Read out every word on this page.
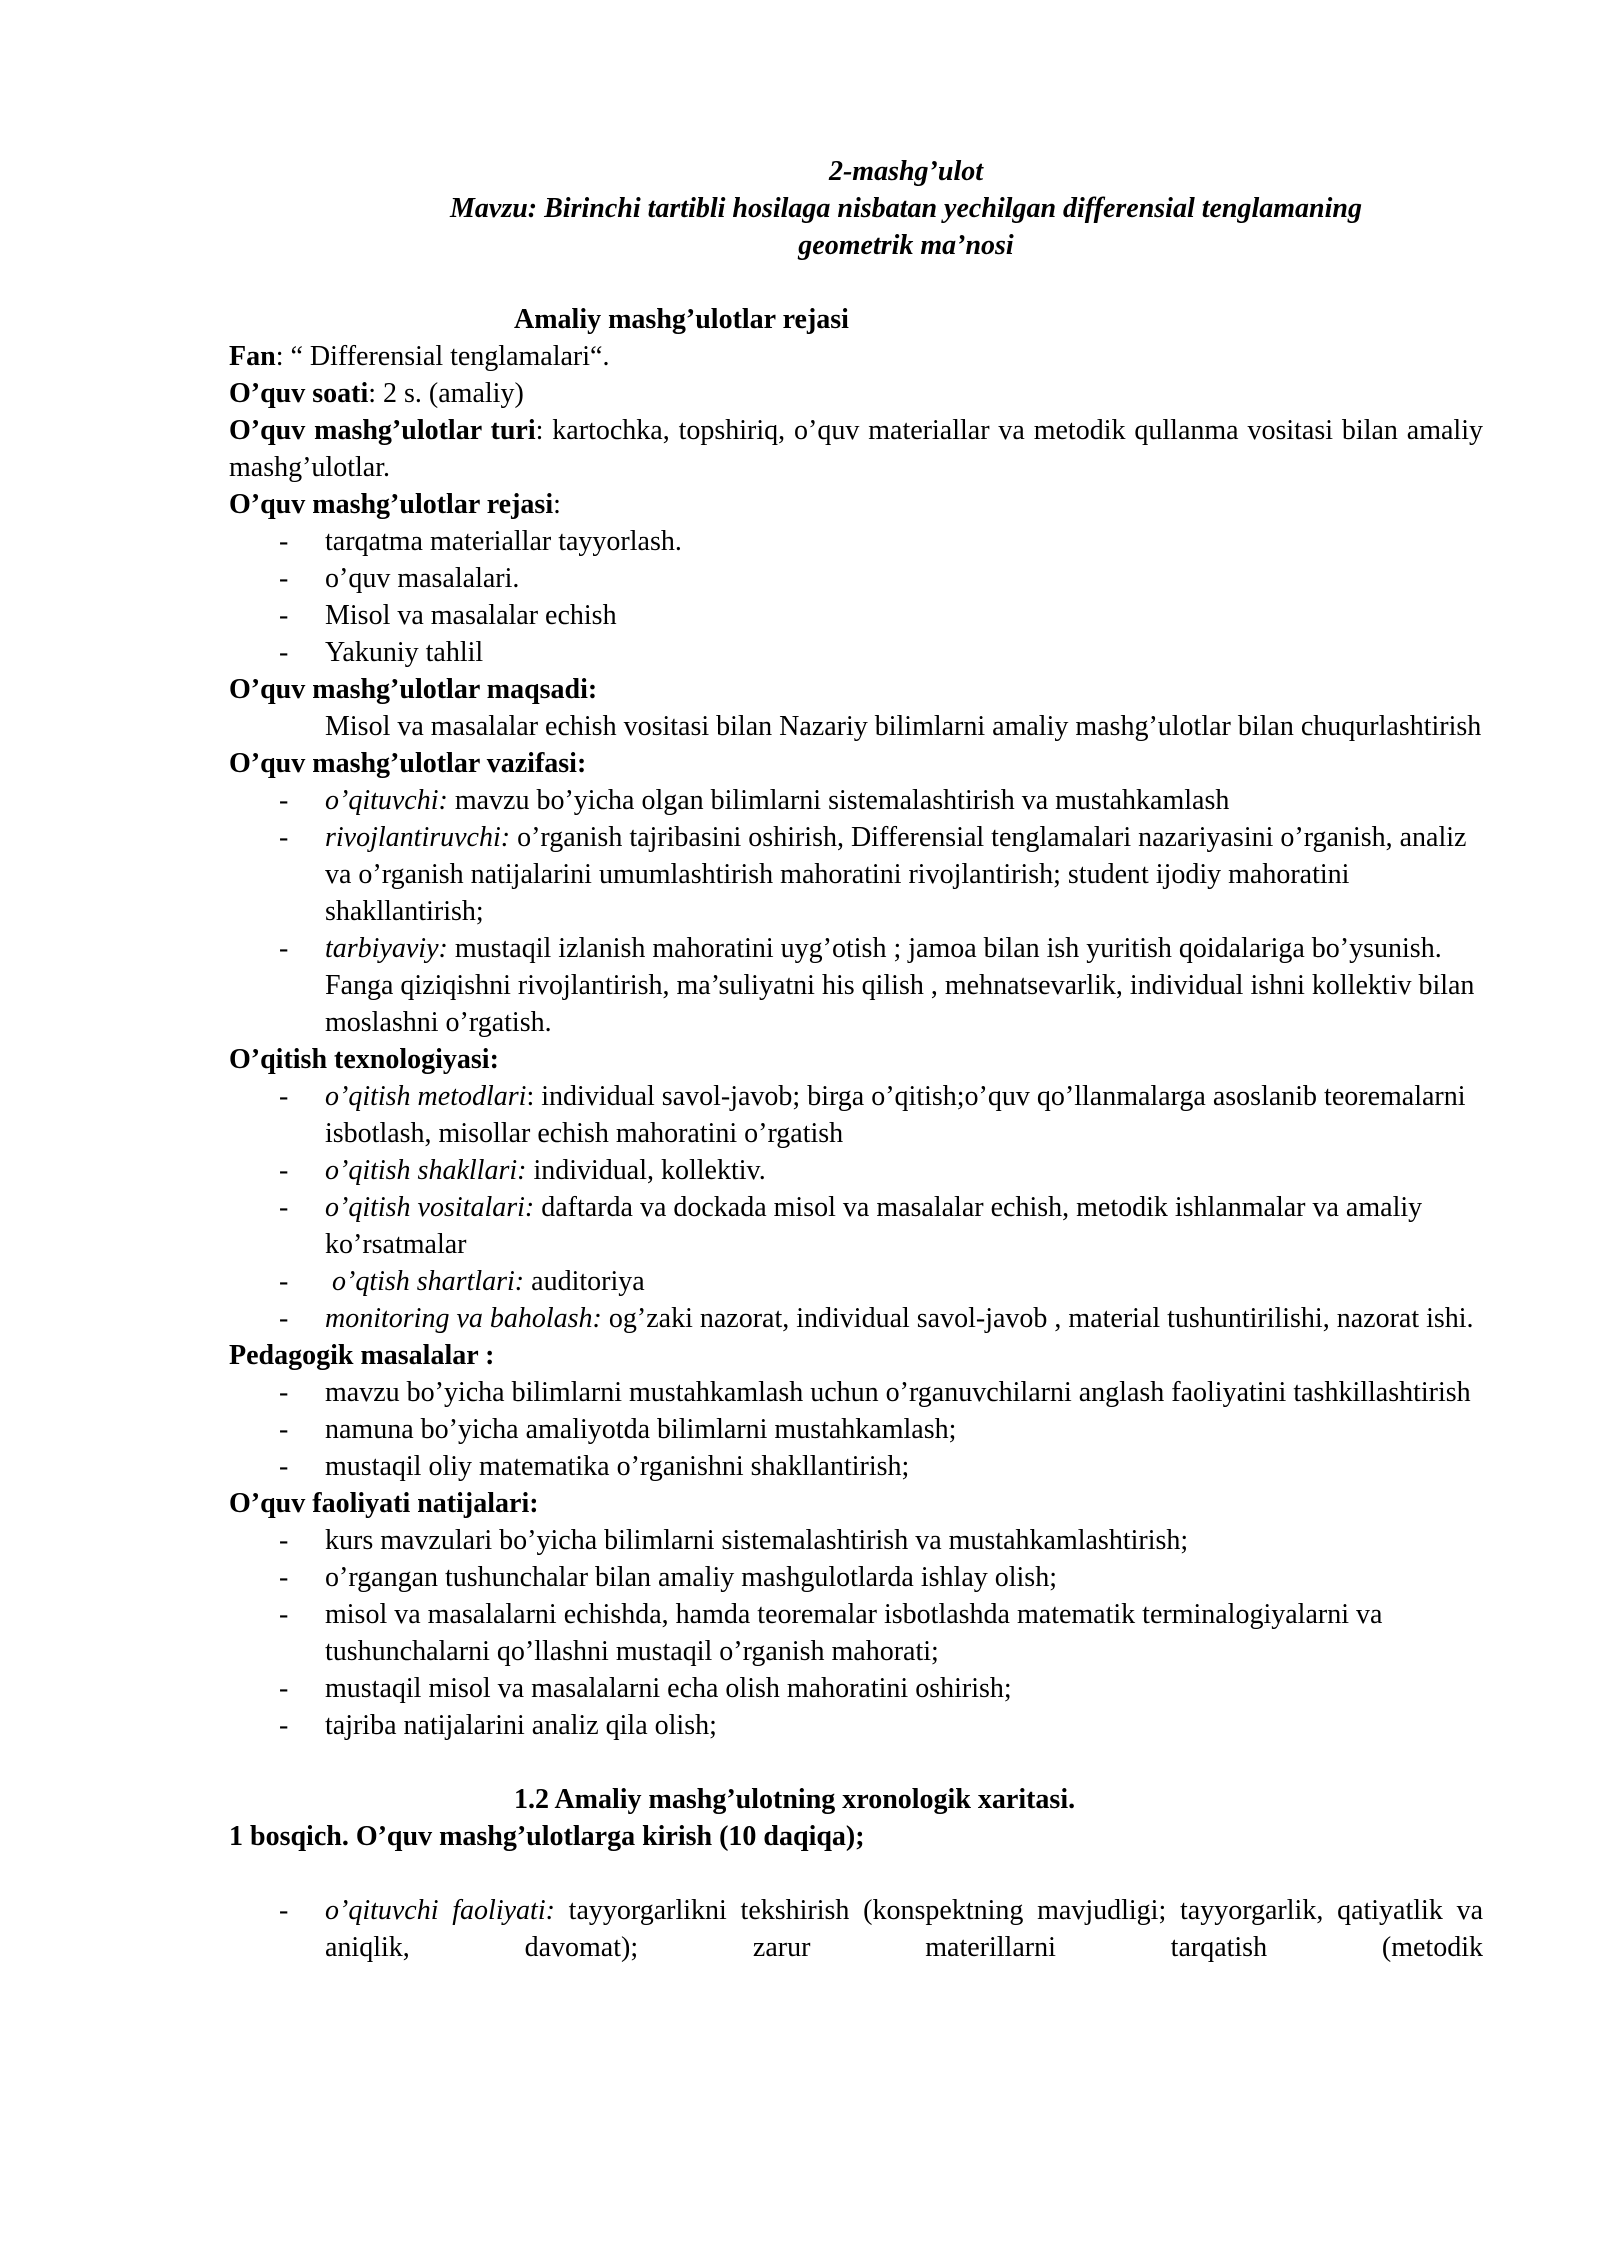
2-mashg’ulot
Mavzu: Birinchi tartibli hosilaga nisbatan yechilgan differensial tenglamaning
geometrik ma’nosi
Amaliy mashg’ulotlar rejasi

Fan: “ Differensial tenglamalari“.

O’quv soati: 2 s. (amaliy)

O’quv mashg’ulotlar turi: kartochka, topshiriq, o’quv materiallar va metodik qullanma vositasi bilan amaliy mashg’ulotlar.

O’quv mashg’ulotlar rejasi:

- tarqatma materiallar tayyorlash.
- o’quv masalalari.
- Misol va masalalar echish
- Yakuniy tahlil

O’quv mashg’ulotlar maqsadi:

Misol va masalalar echish vositasi bilan Nazariy bilimlarni amaliy mashg’ulotlar bilan chuqurlashtirish

O’quv mashg’ulotlar vazifasi:

- o’qituvchi: mavzu bo’yicha olgan bilimlarni sistemalashtirish va mustahkamlash
- rivojlantiruvchi: o’rganish tajribasini oshirish, Differensial tenglamalari nazariyasini o’rganish, analiz va o’rganish natijalarini umumlashtirish mahoratini rivojlantirish; student ijodiy mahoratini shakllantirish;
- tarbiyaviy: mustaqil izlanish mahoratini uyg’otish ; jamoa bilan ish yuritish qoidalariga bo’ysunish. Fanga qiziqishni rivojlantirish, ma’suliyatni his qilish , mehnatsevarlik, individual ishni kollektiv bilan moslashni o’rgatish.

O’qitish texnologiyasi:

- o’qitish metodlari: individual savol-javob; birga o’qitish;o’quv qo’llanmalarga asoslanib teoremalarni isbotlash, misollar echish mahoratini o’rgatish
- o’qitish shakllari: individual, kollektiv.
- o’qitish vositalari: daftarda va dockada misol va masalalar echish, metodik ishlanmalar va amaliy ko’rsatmalar
-  o’qtish shartlari: auditoriya
- monitoring va baholash: og’zaki nazorat, individual savol-javob , material tushuntirilishi, nazorat ishi.

Pedagogik masalalar :

- mavzu bo’yicha bilimlarni mustahkamlash uchun o’rganuvchilarni anglash faoliyatini tashkillashtirish
- namuna bo’yicha amaliyotda bilimlarni mustahkamlash;
- mustaqil oliy matematika o’rganishni shakllantirish;

O’quv faoliyati natijalari:

- kurs mavzulari bo’yicha bilimlarni sistemalashtirish va mustahkamlashtirish;
- o’rgangan tushunchalar bilan amaliy mashgulotlarda ishlay olish;
- misol va masalalarni echishda, hamda teoremalar isbotlashda matematik terminalogiyalarni va tushunchalarni qo’llashni mustaqil o’rganish mahorati;
- mustaqil misol va masalalarni echa olish mahoratini oshirish;
- tajriba natijalarini analiz qila olish;

1.2 Amaliy mashg’ulotning xronologik xaritasi.

1 bosqich. O’quv mashg’ulotlarga kirish (10 daqiqa);

- o’qituvchi faoliyati: tayyorgarlikni tekshirish (konspektning mavjudligi; tayyorgarlik, qatiyatlik va aniqlik, davomat); zarur materillarni tarqatish (metodik
